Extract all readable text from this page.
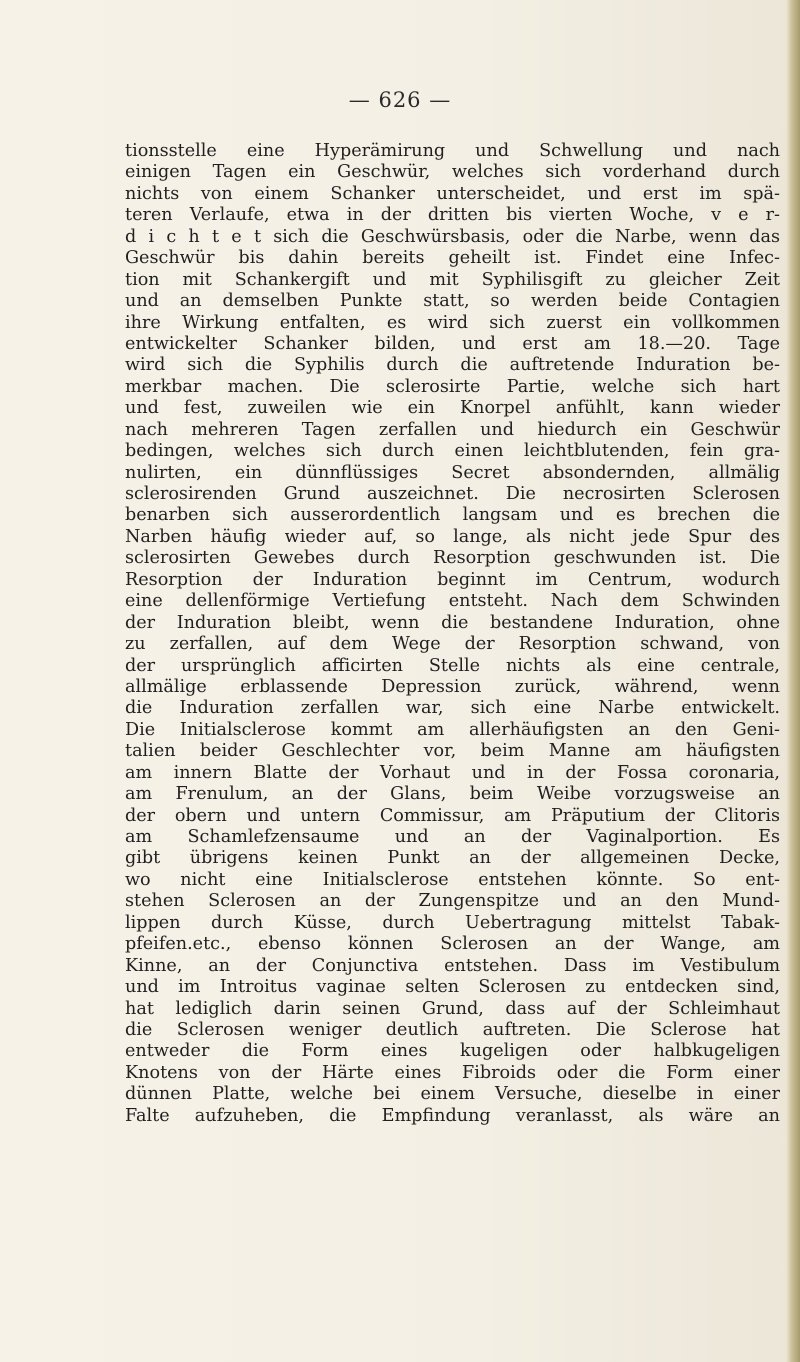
— 626 —
tionsstelle eine Hyperämirung und Schwellung und nach
einigen Tagen ein Geschwür, welches sich vorderhand durch
nichts von einem Schanker unterscheidet, und erst im spä-
teren Verlaufe, etwa in der dritten bis vierten Woche, v e r-
d i c h t e t sich die Geschwürsbasis, oder die Narbe, wenn das
Geschwür bis dahin bereits geheilt ist. Findet eine Infec-
tion mit Schankergift und mit Syphilisgift zu gleicher Zeit
und an demselben Punkte statt, so werden beide Contagien
ihre Wirkung entfalten, es wird sich zuerst ein vollkommen
entwickelter Schanker bilden, und erst am 18.—20. Tage
wird sich die Syphilis durch die auftretende Induration be-
merkbar machen. Die sclerosirte Partie, welche sich hart
und fest, zuweilen wie ein Knorpel anfühlt, kann wieder
nach mehreren Tagen zerfallen und hiedurch ein Geschwür
bedingen, welches sich durch einen leichtblutenden, fein gra-
nulirten, ein dünnflüssiges Secret absondernden, allmälig
sclerosirenden Grund auszeichnet. Die necrosirten Sclerosen
benarben sich ausserordentlich langsam und es brechen die
Narben häufig wieder auf, so lange, als nicht jede Spur des
sclerosirten Gewebes durch Resorption geschwunden ist. Die
Resorption der Induration beginnt im Centrum, wodurch
eine dellenförmige Vertiefung entsteht. Nach dem Schwinden
der Induration bleibt, wenn die bestandene Induration, ohne
zu zerfallen, auf dem Wege der Resorption schwand, von
der ursprünglich afficirten Stelle nichts als eine centrale,
allmälige erblassende Depression zurück, während, wenn
die Induration zerfallen war, sich eine Narbe entwickelt.
Die Initialsclerose kommt am allerhäufigsten an den Geni-
talien beider Geschlechter vor, beim Manne am häufigsten
am innern Blatte der Vorhaut und in der Fossa coronaria,
am Frenulum, an der Glans, beim Weibe vorzugsweise an
der obern und untern Commissur, am Präputium der Clitoris
am Schamlefzensaume und an der Vaginalportion. Es
gibt übrigens keinen Punkt an der allgemeinen Decke,
wo nicht eine Initialsclerose entstehen könnte. So ent-
stehen Sclerosen an der Zungenspitze und an den Mund-
lippen durch Küsse, durch Uebertragung mittelst Tabak-
pfeifen.etc., ebenso können Sclerosen an der Wange, am
Kinne, an der Conjunctiva entstehen. Dass im Vestibulum
und im Introitus vaginae selten Sclerosen zu entdecken sind,
hat lediglich darin seinen Grund, dass auf der Schleimhaut
die Sclerosen weniger deutlich auftreten. Die Sclerose hat
entweder die Form eines kugeligen oder halbkugeligen
Knotens von der Härte eines Fibroids oder die Form einer
dünnen Platte, welche bei einem Versuche, dieselbe in einer
Falte aufzuheben, die Empfindung veranlasst, als wäre an
